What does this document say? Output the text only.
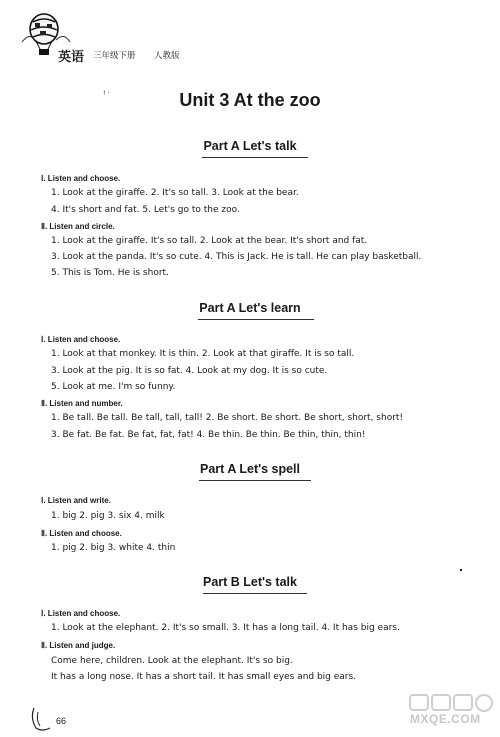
英语 三年级下册 人教版
! ·	Unit 3 At the zoo
Part A Let's talk
Ⅰ. Listen and choose.
1. Look at the giraffe. 2. It's so tall. 3. Look at the bear.
4. It's short and fat. 5. Let's go to the zoo.
Ⅱ. Listen and circle.
1. Look at the giraffe. It's so tall. 2. Look at the bear. It's short and fat.
3. Look at the panda. It's so cute. 4. This is Jack. He is tall. He can play basketball.
5. This is Tom. He is short.
Part A Let's learn
Ⅰ. Listen and choose.
1. Look at that monkey. It is thin. 2. Look at that giraffe. It is so tall.
3. Look at the pig. It is so fat. 4. Look at my dog. It is so cute.
5. Look at me. I'm so funny.
Ⅱ. Listen and number.
1. Be tall. Be tall. Be tall, tall, tall! 2. Be short. Be short. Be short, short, short!
3. Be fat. Be fat. Be fat, fat, fat! 4. Be thin. Be thin. Be thin, thin, thin!
Part A Let's spell
Ⅰ. Listen and write.
1. big 2. pig 3. six 4. milk
Ⅱ. Listen and choose.
1. pig 2. big 3. white 4. thin
Part B Let's talk
Ⅰ. Listen and choose.
1. Look at the elephant. 2. It's so small. 3. It has a long tail. 4. It has big ears.
Ⅱ. Listen and judge.
Come here, children. Look at the elephant. It's so big.
It has a long nose. It has a short tail. It has small eyes and big ears.
66	MXQE.COM
